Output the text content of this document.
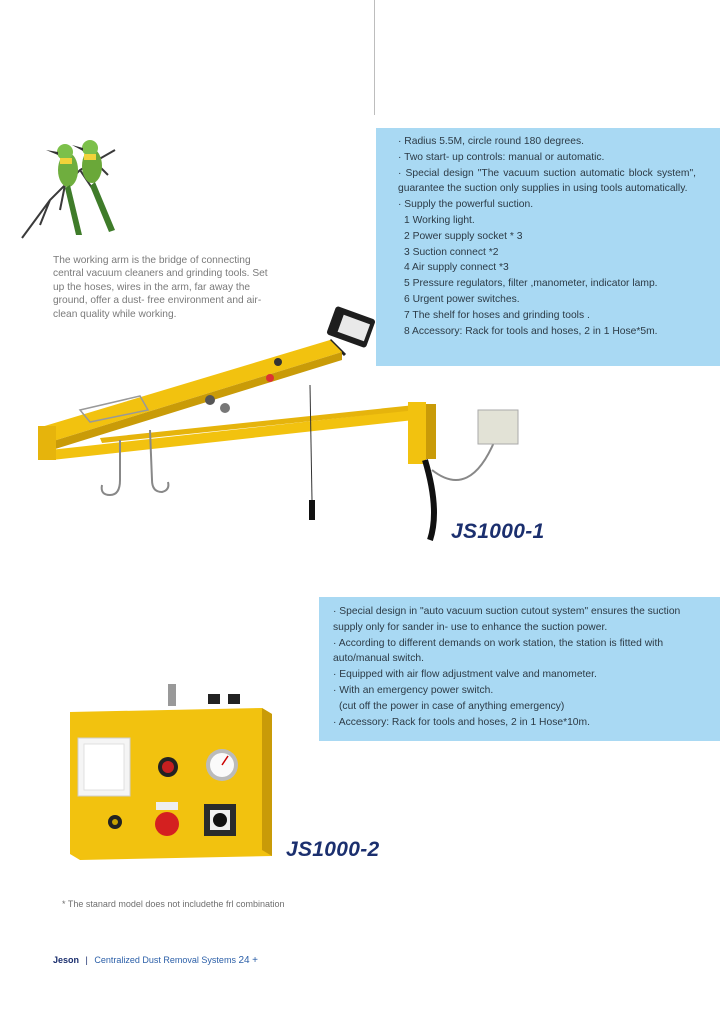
The working arm is the bridge of connecting central vacuum cleaners and grinding tools. Set up the hoses, wires in the arm, far away the ground, offer a dust- free environment and air-clean quality while working.

· Radius 5.5M, circle round 180 degrees.
· Two start- up controls: manual or automatic.
· Special design "The vacuum suction automatic block system", guarantee the suction only supplies in using tools automatically.
· Supply the powerful suction.
1 Working light.
2 Power supply socket * 3
3 Suction connect *2
4 Air supply connect *3
5 Pressure regulators, filter ,manometer, indicator lamp.
6 Urgent power switches.
7 The shelf for hoses and grinding tools .
8 Accessory: Rack for tools and hoses, 2 in 1 Hose*5m.

JS1000-1

· Special design in "auto vacuum suction cutout system" ensures the suction supply only for sander in- use to enhance the suction power.
· According to different demands on work station, the station is fitted with auto/manual switch.
· Equipped with air flow adjustment valve and manometer.
· With an emergency power switch.
(cut off the power in case of anything emergency)
· Accessory: Rack for tools and hoses, 2 in 1 Hose*10m.

JS1000-2

* The stanard model does not includethe frl combination

Jeson | Centralized Dust Removal Systems 24 +
